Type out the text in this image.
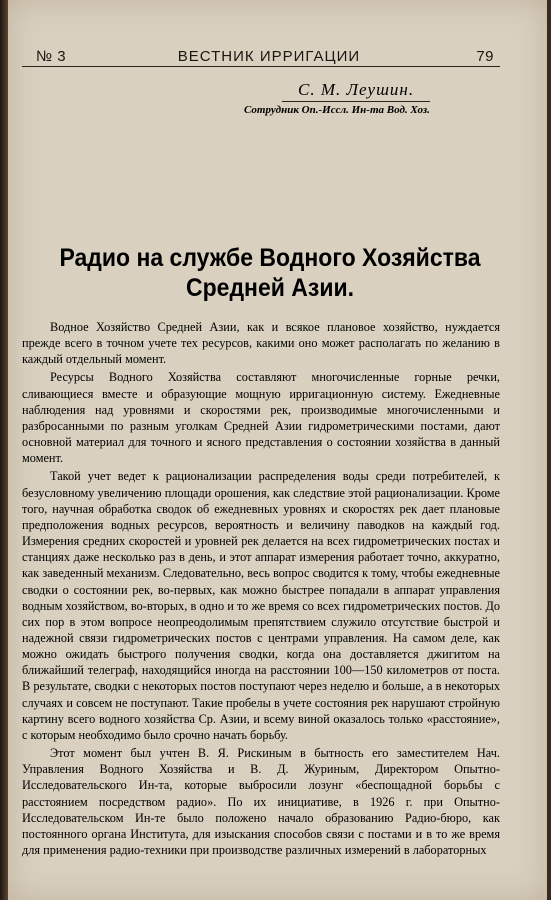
№ 3	ВЕСТНИК ИРРИГАЦИИ	79
С. М. Леушин.
Сотрудник Оп.-Исcл. Ин-та Вод. Хоз.
Радио на службе Водного Хозяйства
Средней Азии.

Водное Хозяйство Средней Азии, как и всякое плановое хозяйство, нуждается прежде всего в точном учете тех ресурсов, какими оно может располагать по желанию в каждый отдельный момент.

Ресурсы Водного Хозяйства составляют многочисленные горные речки, сливающиеся вместе и образующие мощную ирригационную систему. Ежедневные наблюдения над уровнями и скоростями рек, производимые многочисленными и разбросанными по разным уголкам Средней Азии гидрометрическими постами, дают основной материал для точного и ясного представления о состоянии хозяйства в данный момент.

Такой учет ведет к рационализации распределения воды среди потребителей, к безусловному увеличению площади орошения, как следствие этой рационализации. Кроме того, научная обработка сводок об ежедневных уровнях и скоростях рек дает плановые предположения водных ресурсов, вероятность и величину паводков на каждый год. Измерения средних скоростей и уровней рек делается на всех гидрометрических постах и станциях даже несколько раз в день, и этот аппарат измерения работает точно, аккуратно, как заведенный механизм. Следовательно, весь вопрос сводится к тому, чтобы ежедневные сводки о состоянии рек, во-первых, как можно быстрее попадали в аппарат управления водным хозяйством, во-вторых, в одно и то же время со всех гидрометрических постов. До сих пор в этом вопросе неопреодолимым препятствием служило отсутствие быстрой и надежной связи гидрометрических постов с центрами управления. На самом деле, как можно ожидать быстрого получения сводки, когда она доставляется джигитом на ближайший телеграф, находящийся иногда на расстоянии 100—150 километров от поста. В результате, сводки с некоторых постов поступают через неделю и больше, а в некоторых случаях и совсем не поступают. Такие пробелы в учете состояния рек нарушают стройную картину всего водного хозяйства Ср. Азии, и всему виной оказалось только «расстояние», с которым необходимо было срочно начать борьбу.

Этот момент был учтен В. Я. Рискиным в бытность его заместителем Нач. Управления Водного Хозяйства и В. Д. Журиным, Директором Опытно-Исследовательского Ин-та, которые выбросили лозунг «беспощадной борьбы с расстоянием посредством радио». По их инициативе, в 1926 г. при Опытно-Исследовательском Ин-те было положено начало образованию Радио-бюро, как постоянного органа Института, для изыскания способов связи с постами и в то же время для применения радио-техники при производстве различных измерений в лабораторных
